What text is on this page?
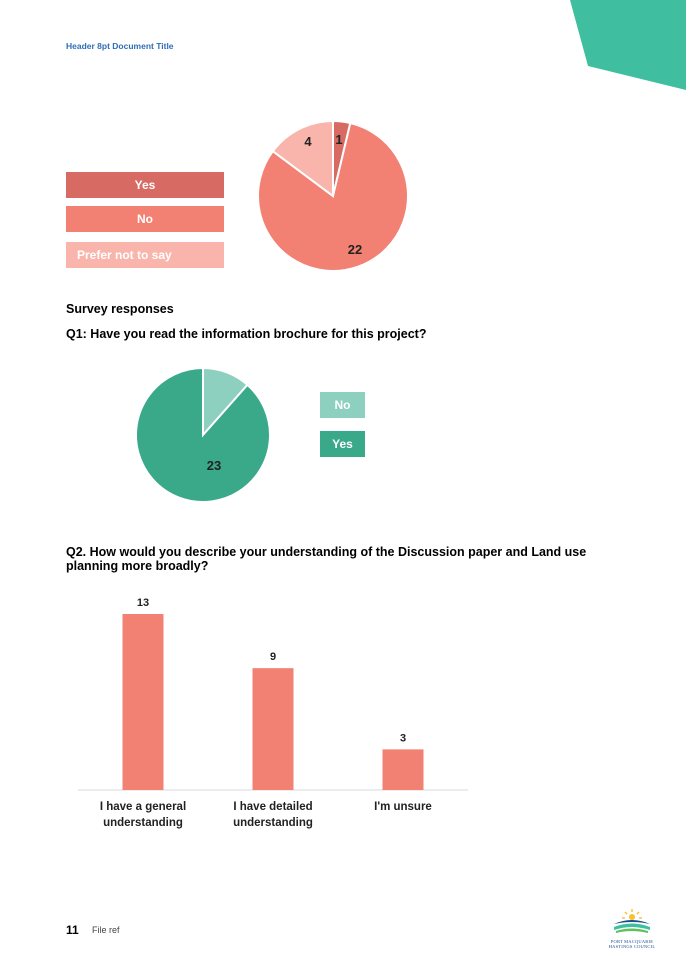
Header 8pt Document Title
1
22
4
Yes
No
Prefer not to say
Survey responses
Q1: Have you read the information brochure for this project?
23
No
Yes
Q2. How would you describe your understanding of the Discussion paper and Land use
planning more broadly?
13
I have a general
understanding
9
I have detailed
understanding
3
I'm unsure
11 File ref
PORT MACQUARIE
HASTINGS COUNCIL
